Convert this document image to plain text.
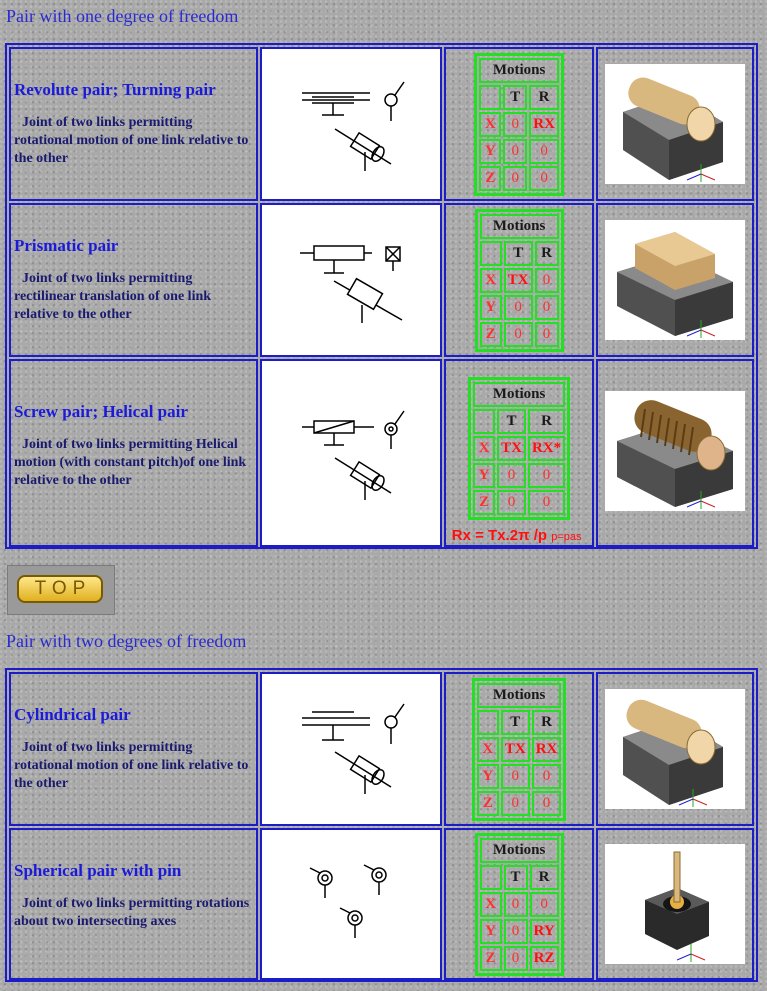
Pair with one degree of freedom

Revolute pair; Turning pair

Joint of two links permitting rotational motion of one link relative to the other

Motions		
	T	R
X	0	RX
Y	0	0
Z	0	0

Prismatic pair

Joint of two links permitting rectilinear translation of one link relative to the other

Motions		
	T	R
X	TX	0
Y	0	0
Z	0	0

Screw pair; Helical pair

Joint of two links permitting Helical motion (with constant pitch)of one link relative to the other

Motions		
	T	R
X	TX	RX*
Y	0	0
Z	0	0
Rx = Tx.2π /p p=pas
TOP
Pair with two degrees of freedom

Cylindrical pair

Joint of two links permitting rotational motion of one link relative to the other

Motions		
	T	R
X	TX	RX
Y	0	0
Z	0	0

Spherical pair with pin

Joint of two links permitting rotations about two intersecting axes

Motions		
	T	R
X	0	0
Y	0	RY
Z	0	RZ
